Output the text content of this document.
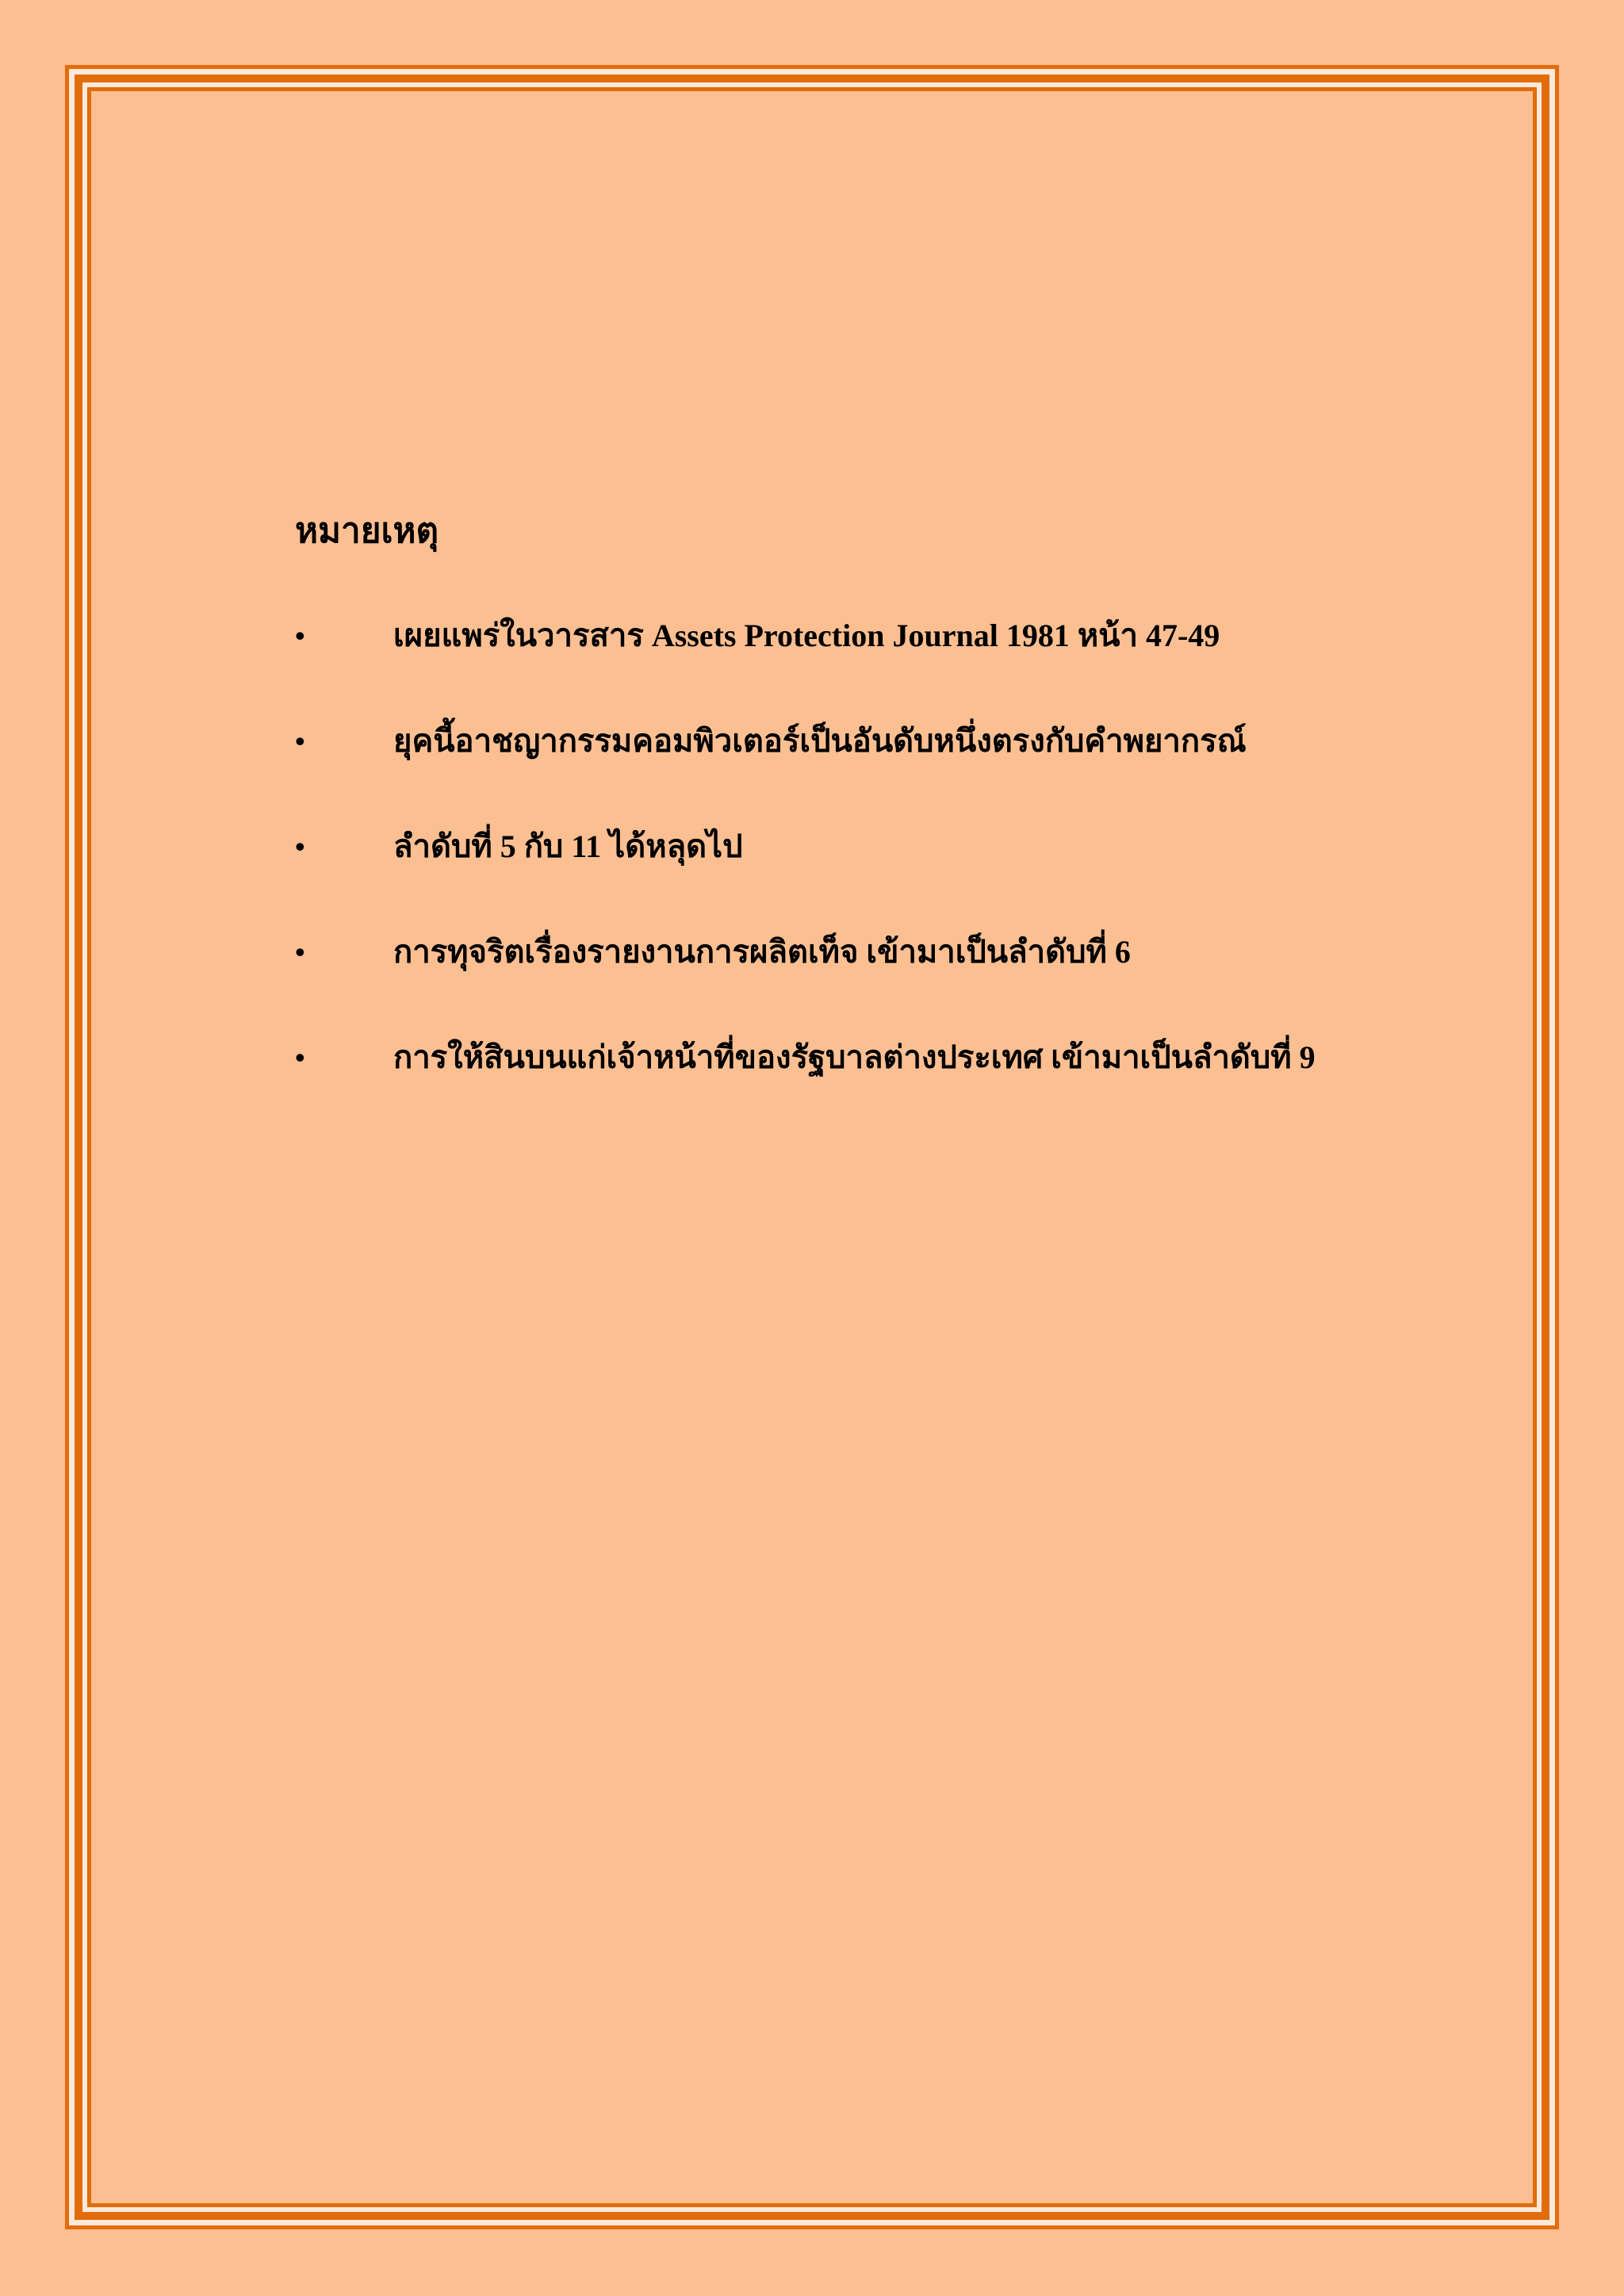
หมายเหตุ
•	เผยแพร่ในวารสาร Assets Protection Journal 1981 หน้า 47-49
•	ยุคนี้อาชญากรรมคอมพิวเตอร์เป็นอันดับหนึ่งตรงกับคำพยากรณ์
•	ลำดับที่ 5 กับ 11 ได้หลุดไป
•	การทุจริตเรื่องรายงานการผลิตเท็จ เข้ามาเป็นลำดับที่ 6
•	การให้สินบนแก่เจ้าหน้าที่ของรัฐบาลต่างประเทศ เข้ามาเป็นลำดับที่ 9
